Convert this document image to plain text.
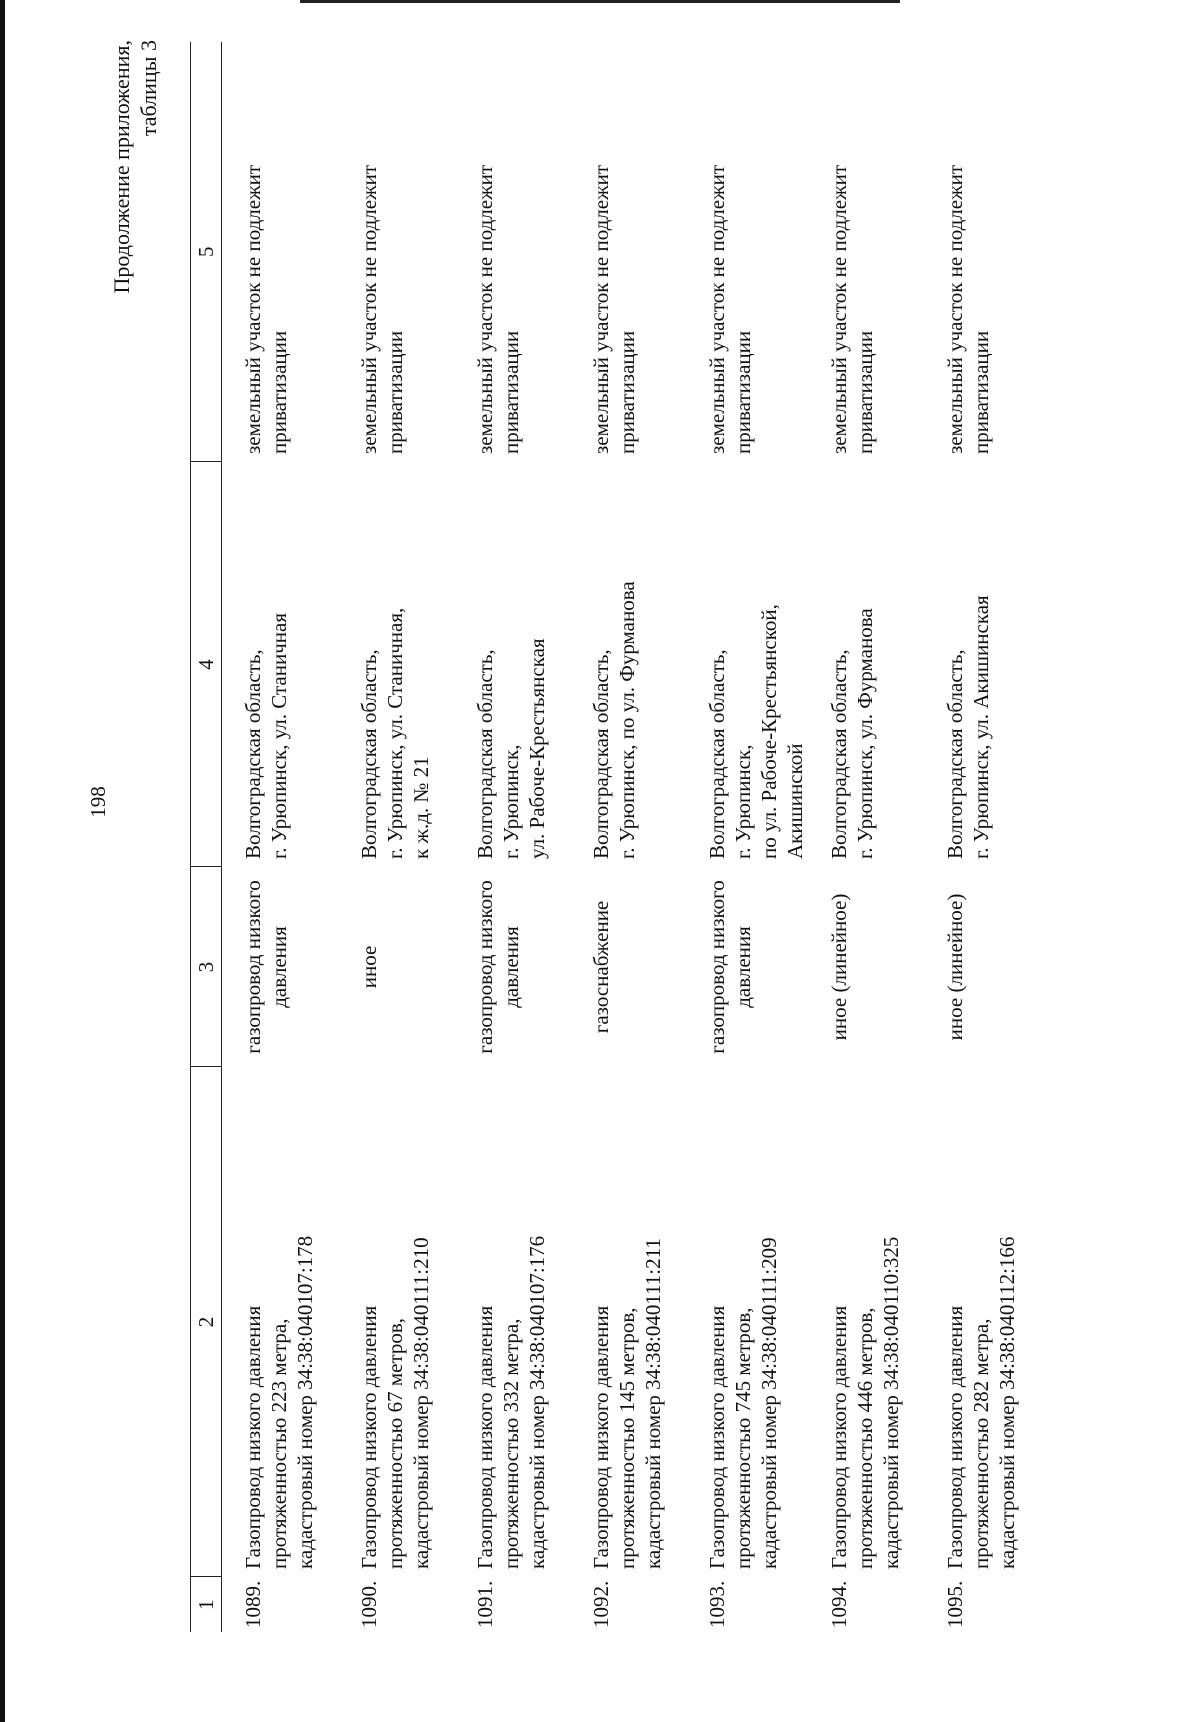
198
Продолжение приложения, таблицы 3
1	2	3	4	5
1089.	Газопровод низкого давления протяженностью 223 метра, кадастровый номер 34:38:040107:178	газопровод низкого давления	Волгоградская область, г. Урюпинск, ул. Станичная	земельный участок не подлежит приватизации

1090.	Газопровод низкого давления протяженностью 67 метров, кадастровый номер 34:38:040111:210	иное	Волгоградская область, г. Урюпинск, ул. Станичная, к ж.д. № 21	земельный участок не подлежит приватизации

1091.	Газопровод низкого давления протяженностью 332 метра, кадастровый номер 34:38:040107:176	газопровод низкого давления	Волгоградская область, г. Урюпинск, ул. Рабоче-Крестьянская	земельный участок не подлежит приватизации

1092.	Газопровод низкого давления протяженностью 145 метров, кадастровый номер 34:38:040111:211	газоснабжение	Волгоградская область, г. Урюпинск, по ул. Фурманова	земельный участок не подлежит приватизации

1093.	Газопровод низкого давления протяженностью 745 метров, кадастровый номер 34:38:040111:209	газопровод низкого давления	Волгоградская область, г. Урюпинск, по ул. Рабоче-Крестьянской, Акишинской	земельный участок не подлежит приватизации

1094.	Газопровод низкого давления протяженностью 446 метров, кадастровый номер 34:38:040110:325	иное (линейное)	Волгоградская область, г. Урюпинск, ул. Фурманова	земельный участок не подлежит приватизации

1095.	Газопровод низкого давления протяженностью 282 метра, кадастровый номер 34:38:040112:166	иное (линейное)	Волгоградская область, г. Урюпинск, ул. Акишинская	земельный участок не подлежит приватизации
